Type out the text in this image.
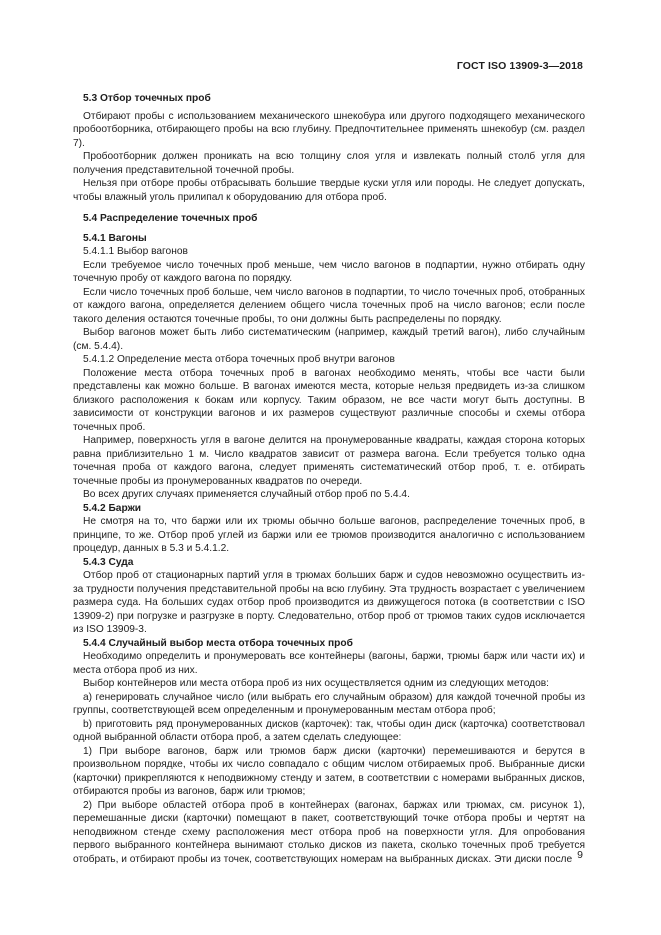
ГОСТ ISO 13909-3—2018

5.3 Отбор точечных проб

Отбирают пробы с использованием механического шнекобура или другого подходящего механического пробоотборника, отбирающего пробы на всю глубину. Предпочтительнее применять шнекобур (см. раздел 7).

Пробоотборник должен проникать на всю толщину слоя угля и извлекать полный столб угля для получения представительной точечной пробы.

Нельзя при отборе пробы отбрасывать большие твердые куски угля или породы. Не следует допускать, чтобы влажный уголь прилипал к оборудованию для отбора проб.

5.4 Распределение точечных проб

5.4.1 Вагоны

5.4.1.1 Выбор вагонов

Если требуемое число точечных проб меньше, чем число вагонов в подпартии, нужно отбирать одну точечную пробу от каждого вагона по порядку.

Если число точечных проб больше, чем число вагонов в подпартии, то число точечных проб, отобранных от каждого вагона, определяется делением общего числа точечных проб на число вагонов; если после такого деления остаются точечные пробы, то они должны быть распределены по порядку.

Выбор вагонов может быть либо систематическим (например, каждый третий вагон), либо случайным (см. 5.4.4).

5.4.1.2 Определение места отбора точечных проб внутри вагонов

Положение места отбора точечных проб в вагонах необходимо менять, чтобы все части были представлены как можно больше. В вагонах имеются места, которые нельзя предвидеть из-за слишком близкого расположения к бокам или корпусу. Таким образом, не все части могут быть доступны. В зависимости от конструкции вагонов и их размеров существуют различные способы и схемы отбора точечных проб.

Например, поверхность угля в вагоне делится на пронумерованные квадраты, каждая сторона которых равна приблизительно 1 м. Число квадратов зависит от размера вагона. Если требуется только одна точечная проба от каждого вагона, следует применять систематический отбор проб, т. е. отбирать точечные пробы из пронумерованных квадратов по очереди.

Во всех других случаях применяется случайный отбор проб по 5.4.4.

5.4.2 Баржи

Не смотря на то, что баржи или их трюмы обычно больше вагонов, распределение точечных проб, в принципе, то же. Отбор проб углей из баржи или ее трюмов производится аналогично с использованием процедур, данных в 5.3 и 5.4.1.2.

5.4.3 Суда

Отбор проб от стационарных партий угля в трюмах больших барж и судов невозможно осуществить из-за трудности получения представительной пробы на всю глубину. Эта трудность возрастает с увеличением размера суда. На больших судах отбор проб производится из движущегося потока (в соответствии с ISO 13909-2) при погрузке и разгрузке в порту. Следовательно, отбор проб от трюмов таких судов исключается из ISO 13909-3.

5.4.4 Случайный выбор места отбора точечных проб

Необходимо определить и пронумеровать все контейнеры (вагоны, баржи, трюмы барж или части их) и места отбора проб из них.

Выбор контейнеров или места отбора проб из них осуществляется одним из следующих методов:

а) генерировать случайное число (или выбрать его случайным образом) для каждой точечной пробы из группы, соответствующей всем определенным и пронумерованным местам отбора проб;

b) приготовить ряд пронумерованных дисков (карточек): так, чтобы один диск (карточка) соответствовал одной выбранной области отбора проб, а затем сделать следующее:

1) При выборе вагонов, барж или трюмов барж диски (карточки) перемешиваются и берутся в произвольном порядке, чтобы их число совпадало с общим числом отбираемых проб. Выбранные диски (карточки) прикрепляются к неподвижному стенду и затем, в соответствии с номерами выбранных дисков, отбираются пробы из вагонов, барж или трюмов;

2) При выборе областей отбора проб в контейнерах (вагонах, баржах или трюмах, см. рисунок 1), перемешанные диски (карточки) помещают в пакет, соответствующий точке отбора пробы и чертят на неподвижном стенде схему расположения мест отбора проб на поверхности угля. Для опробования первого выбранного контейнера вынимают столько дисков из пакета, сколько точечных проб требуется отобрать, и отбирают пробы из точек, соответствующих номерам на выбранных дисках. Эти диски после 9
